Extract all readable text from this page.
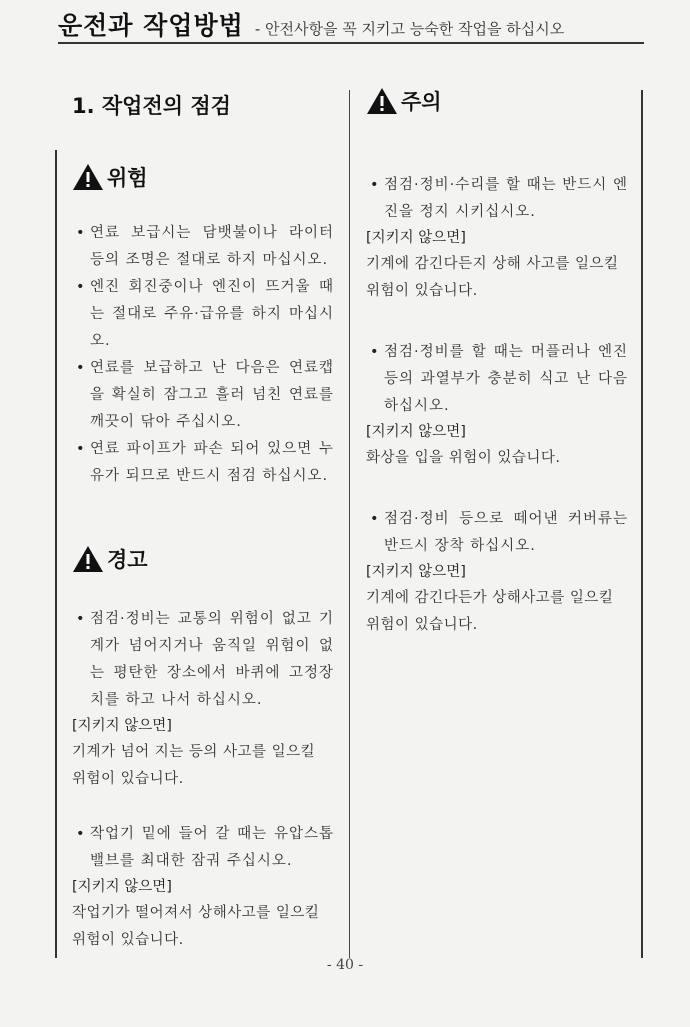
운전과 작업방법 - 안전사항을 꼭 지키고 능숙한 작업을 하십시오
1. 작업전의 점검
위험
• 연료 보급시는 담뱃불이나 라이터 등의 조명은 절대로 하지 마십시오.
• 엔진 회진중이나 엔진이 뜨거울 때는 절대로 주유·급유를 하지 마십시오.
• 연료를 보급하고 난 다음은 연료캡을 확실히 잠그고 흘러 넘친 연료를 깨끗이 닦아 주십시오.
• 연료 파이프가 파손 되어 있으면 누유가 되므로 반드시 점검 하십시오.
경고
• 점검·정비는 교통의 위험이 없고 기계가 넘어지거나 움직일 위험이 없는 평탄한 장소에서 바퀴에 고정장치를 하고 나서 하십시오.
[지키지 않으면]
기계가 넘어 지는 등의 사고를 일으킬 위험이 있습니다.
• 작업기 밑에 들어 갈 때는 유압스톱밸브를 최대한 잠궈 주십시오.
[지키지 않으면]
작업기가 떨어져서 상해사고를 일으킬 위험이 있습니다.
주의
• 점검·정비·수리를 할 때는 반드시 엔진을 정지 시키십시오.
[지키지 않으면]
기계에 감긴다든지 상해 사고를 일으킬 위험이 있습니다.
• 점검·정비를 할 때는 머플러나 엔진 등의 과열부가 충분히 식고 난 다음 하십시오.
[지키지 않으면]
화상을 입을 위험이 있습니다.
• 점검·정비 등으로 떼어낸 커버류는 반드시 장착 하십시오.
[지키지 않으면]
기계에 감긴다든가 상해사고를 일으킬 위험이 있습니다.
- 40 -
